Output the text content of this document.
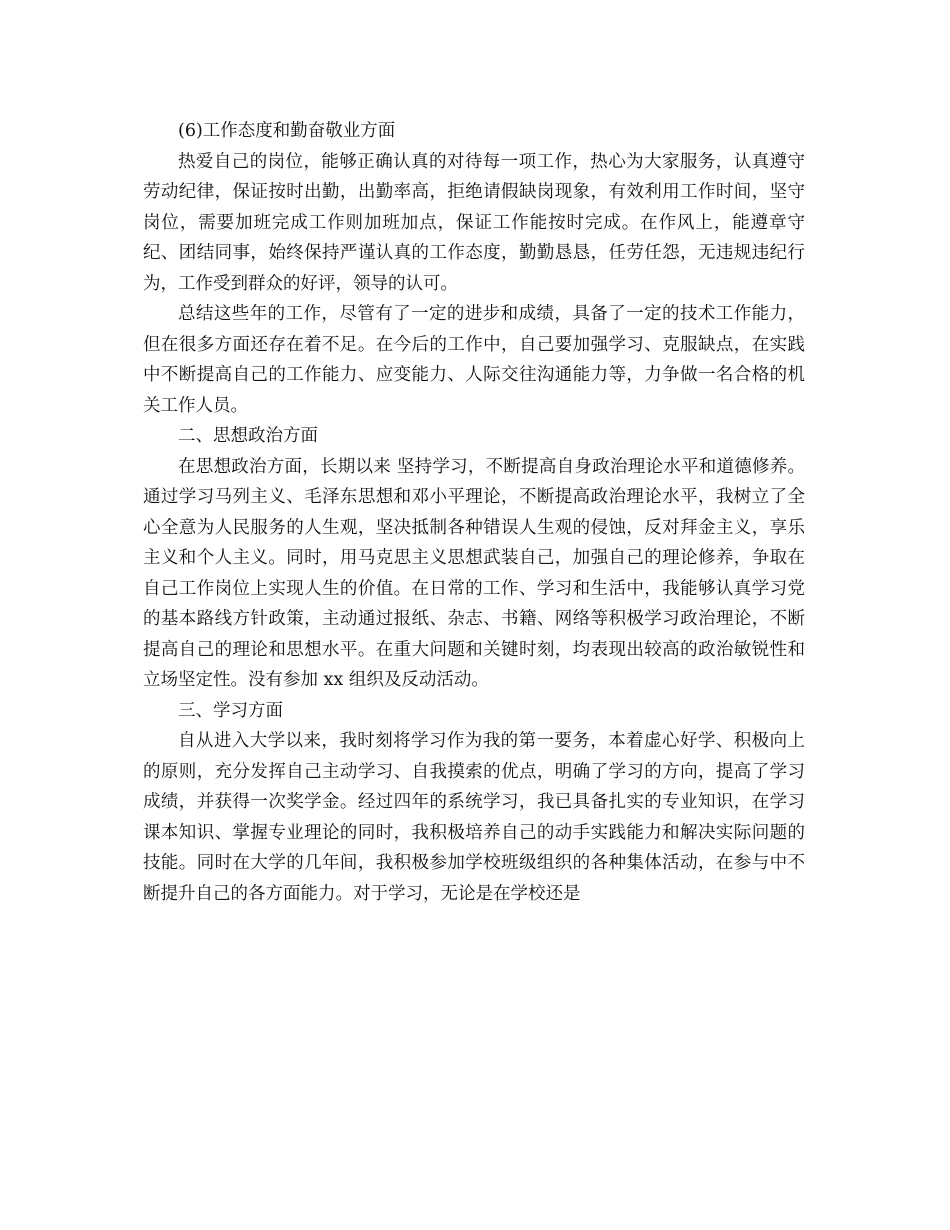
(6)工作态度和勤奋敬业方面

热爱自己的岗位，能够正确认真的对待每一项工作，热心为大家服务，认真遵守劳动纪律，保证按时出勤，出勤率高，拒绝请假缺岗现象，有效利用工作时间，坚守岗位，需要加班完成工作则加班加点，保证工作能按时完成。在作风上，能遵章守纪、团结同事，始终保持严谨认真的工作态度，勤勤恳恳，任劳任怨，无违规违纪行为，工作受到群众的好评，领导的认可。

总结这些年的工作，尽管有了一定的进步和成绩，具备了一定的技术工作能力，但在很多方面还存在着不足。在今后的工作中，自己要加强学习、克服缺点，在实践中不断提高自己的工作能力、应变能力、人际交往沟通能力等，力争做一名合格的机关工作人员。

二、思想政治方面

在思想政治方面，长期以来 坚持学习，不断提高自身政治理论水平和道德修养。通过学习马列主义、毛泽东思想和邓小平理论，不断提高政治理论水平，我树立了全心全意为人民服务的人生观，坚决抵制各种错误人生观的侵蚀，反对拜金主义，享乐主义和个人主义。同时，用马克思主义思想武装自己，加强自己的理论修养，争取在自己工作岗位上实现人生的价值。在日常的工作、学习和生活中，我能够认真学习党的基本路线方针政策，主动通过报纸、杂志、书籍、网络等积极学习政治理论，不断提高自己的理论和思想水平。在重大问题和关键时刻，均表现出较高的政治敏锐性和立场坚定性。没有参加 xx 组织及反动活动。

三、学习方面

自从进入大学以来，我时刻将学习作为我的第一要务，本着虚心好学、积极向上的原则，充分发挥自己主动学习、自我摸索的优点，明确了学习的方向，提高了学习成绩，并获得一次奖学金。经过四年的系统学习，我已具备扎实的专业知识，在学习课本知识、掌握专业理论的同时，我积极培养自己的动手实践能力和解决实际问题的技能。同时在大学的几年间，我积极参加学校班级组织的各种集体活动，在参与中不断提升自己的各方面能力。对于学习，无论是在学校还是
